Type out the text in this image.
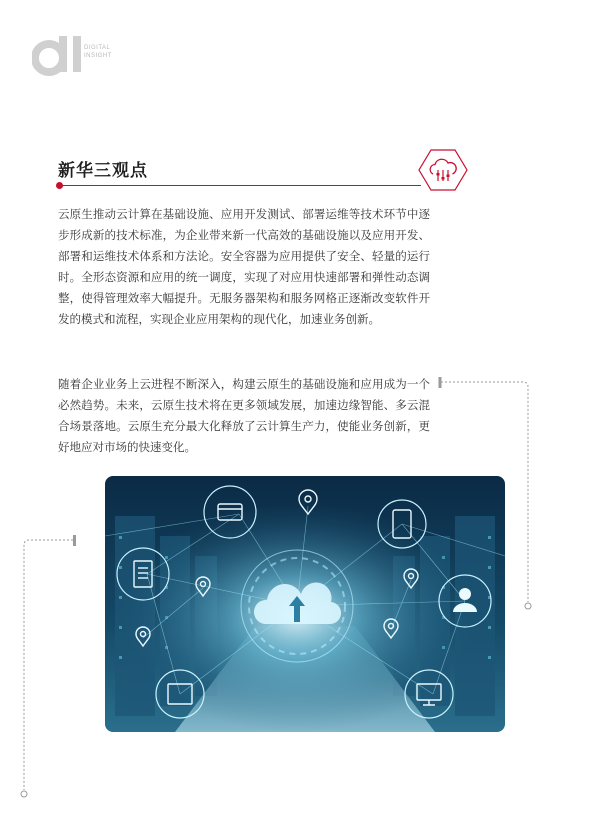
DIGITAL
INSIGHT
新华三观点

云原生推动云计算在基础设施、应用开发测试、部署运维等技术环节中逐步形成新的技术标准，为企业带来新一代高效的基础设施以及应用开发、部署和运维技术体系和方法论。安全容器为应用提供了安全、轻量的运行时。全形态资源和应用的统一调度，实现了对应用快速部署和弹性动态调整，使得管理效率大幅提升。无服务器架构和服务网格正逐渐改变软件开发的模式和流程，实现企业应用架构的现代化，加速业务创新。

随着企业业务上云进程不断深入，构建云原生的基础设施和应用成为一个必然趋势。未来，云原生技术将在更多领域发展，加速边缘智能、多云混合场景落地。云原生充分最大化释放了云计算生产力，使能业务创新，更好地应对市场的快速变化。
